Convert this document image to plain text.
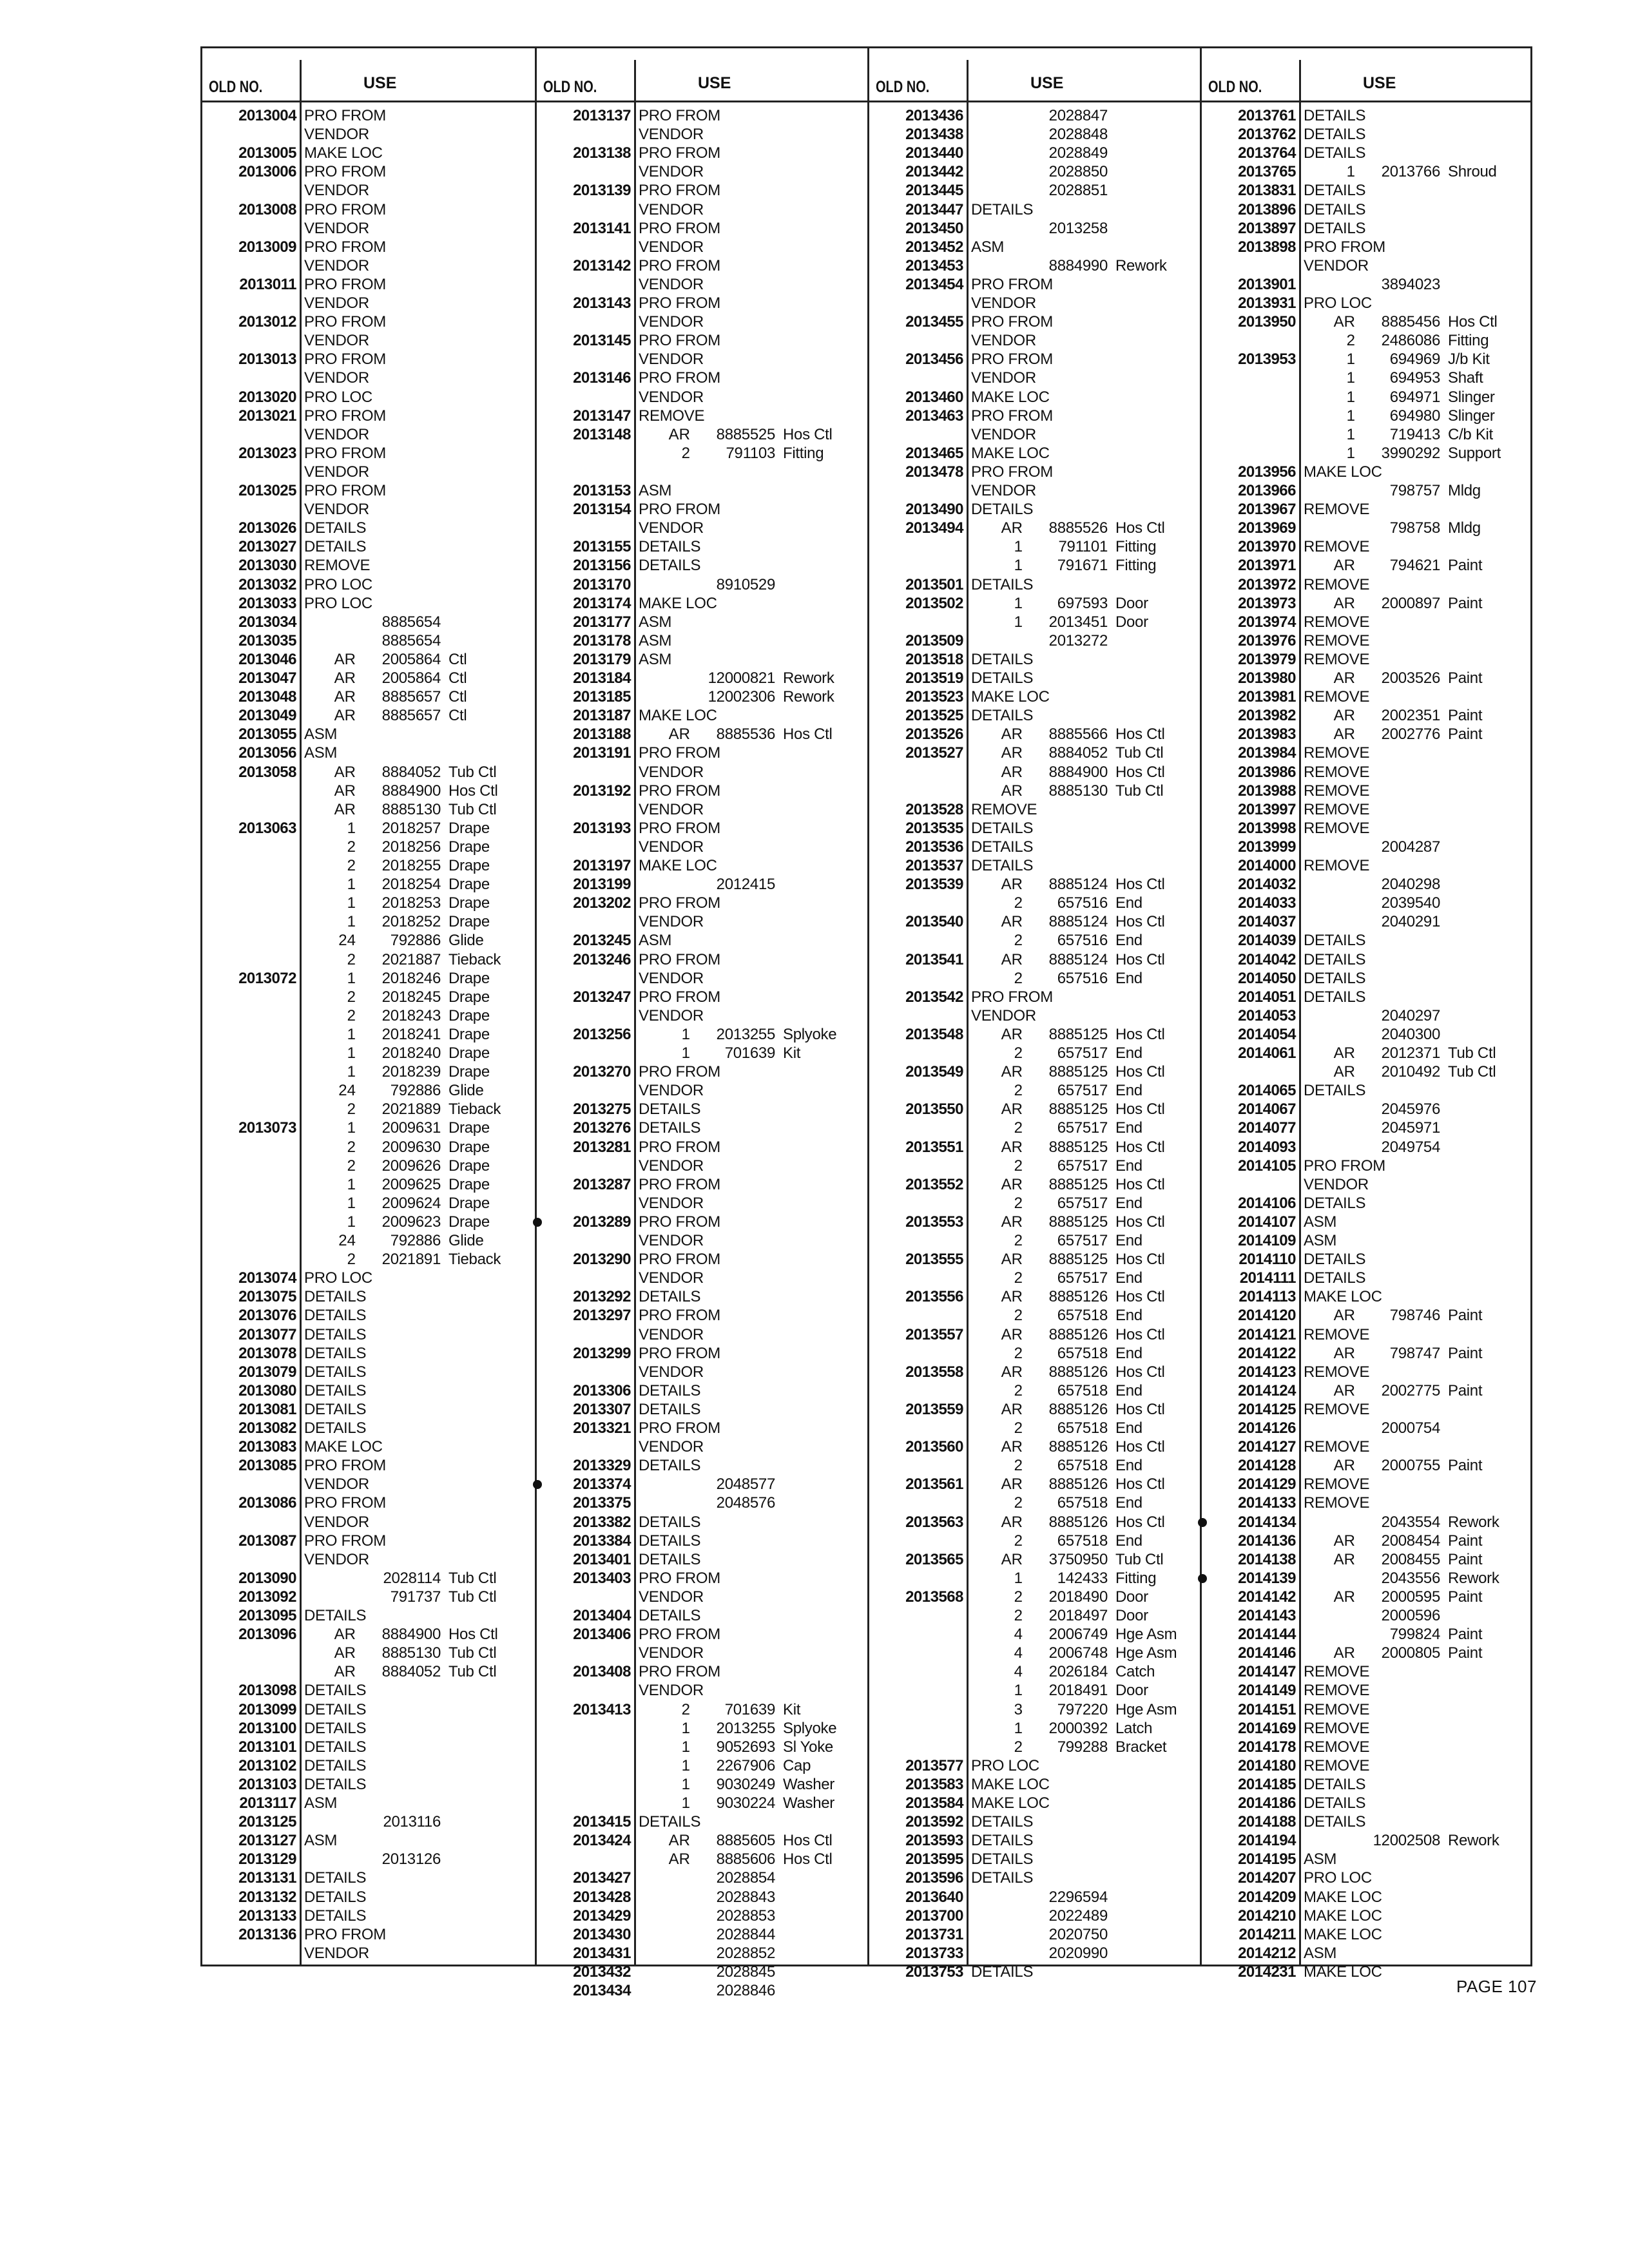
OLD NO.	USE
2013004 PRO FROM
VENDOR
2013005 MAKE LOC
2013006 PRO FROM
VENDOR
2013008 PRO FROM
VENDOR
2013009 PRO FROM
VENDOR
2013011 PRO FROM
VENDOR
2013012 PRO FROM
VENDOR
2013013 PRO FROM
VENDOR
2013020 PRO LOC
2013021 PRO FROM
VENDOR
2013023 PRO FROM
VENDOR
2013025 PRO FROM
VENDOR
2013026 DETAILS
2013027 DETAILS
2013030 REMOVE
2013032 PRO LOC
2013033 PRO LOC
2013034	8885654
2013035	8885654
2013046	AR	2005864 Ctl
2013047	AR	2005864 Ctl
2013048	AR	8885657 Ctl
2013049	AR	8885657 Ctl
2013055 ASM
2013056 ASM
2013058	AR	8884052 Tub Ctl
AR	8884900 Hos Ctl
AR	8885130 Tub Ctl
2013063	1	2018257 Drape
2	2018256 Drape
2	2018255 Drape
1	2018254 Drape
1	2018253 Drape
1	2018252 Drape
24	792886 Glide
2	2021887 Tieback
2013072	1	2018246 Drape
2	2018245 Drape
2	2018243 Drape
1	2018241 Drape
1	2018240 Drape
1	2018239 Drape
24	792886 Glide
2	2021889 Tieback
2013073	1	2009631 Drape
2	2009630 Drape
2	2009626 Drape
1	2009625 Drape
1	2009624 Drape
1	2009623 Drape
24	792886 Glide
2	2021891 Tieback
2013074 PRO LOC
2013075 DETAILS
2013076 DETAILS
2013077 DETAILS
2013078 DETAILS
2013079 DETAILS
2013080 DETAILS
2013081 DETAILS
2013082 DETAILS
2013083 MAKE LOC
2013085 PRO FROM
VENDOR
2013086 PRO FROM
VENDOR
2013087 PRO FROM
VENDOR
2013090	2028114 Tub Ctl
2013092	791737 Tub Ctl
2013095 DETAILS
2013096	AR	8884900 Hos Ctl
AR	8885130 Tub Ctl
AR	8884052 Tub Ctl
2013098 DETAILS
2013099 DETAILS
2013100 DETAILS
2013101 DETAILS
2013102 DETAILS
2013103 DETAILS
2013117 ASM
2013125	2013116
2013127 ASM
2013129	2013126
2013131 DETAILS
2013132 DETAILS
2013133 DETAILS
2013136 PRO FROM
VENDOR
OLD NO.	USE
2013137 PRO FROM
VENDOR
2013138 PRO FROM
VENDOR
2013139 PRO FROM
VENDOR
2013141 PRO FROM
VENDOR
2013142 PRO FROM
VENDOR
2013143 PRO FROM
VENDOR
2013145 PRO FROM
VENDOR
2013146 PRO FROM
VENDOR
2013147 REMOVE
2013148	AR	8885525 Hos Ctl
2	791103 Fitting
2013153 ASM
2013154 PRO FROM
VENDOR
2013155 DETAILS
2013156 DETAILS
2013170	8910529
2013174 MAKE LOC
2013177 ASM
2013178 ASM
2013179 ASM
2013184	12000821 Rework
2013185	12002306 Rework
2013187 MAKE LOC
2013188	AR	8885536 Hos Ctl
2013191 PRO FROM
VENDOR
2013192 PRO FROM
VENDOR
2013193 PRO FROM
VENDOR
2013197 MAKE LOC
2013199	2012415
2013202 PRO FROM
VENDOR
2013245 ASM
2013246 PRO FROM
VENDOR
2013247 PRO FROM
VENDOR
2013256	1	2013255 Splyoke
1	701639 Kit
2013270 PRO FROM
VENDOR
2013275 DETAILS
2013276 DETAILS
2013281 PRO FROM
VENDOR
2013287 PRO FROM
VENDOR
2013289 PRO FROM
VENDOR
2013290 PRO FROM
VENDOR
2013292 DETAILS
2013297 PRO FROM
VENDOR
2013299 PRO FROM
VENDOR
2013306 DETAILS
2013307 DETAILS
2013321 PRO FROM
VENDOR
2013329 DETAILS
2013374	2048577
2013375	2048576
2013382 DETAILS
2013384 DETAILS
2013401 DETAILS
2013403 PRO FROM
VENDOR
2013404 DETAILS
2013406 PRO FROM
VENDOR
2013408 PRO FROM
VENDOR
2013413	2	701639 Kit
1	2013255 Splyoke
1	9052693 Sl Yoke
1	2267906 Cap
1	9030249 Washer
1	9030224 Washer
2013415 DETAILS
2013424	AR	8885605 Hos Ctl
AR	8885606 Hos Ctl
2013427	2028854
2013428	2028843
2013429	2028853
2013430	2028844
2013431	2028852
2013432	2028845
2013434	2028846
OLD NO.	USE
2013436	2028847
2013438	2028848
2013440	2028849
2013442	2028850
2013445	2028851
2013447 DETAILS
2013450	2013258
2013452 ASM
2013453	8884990 Rework
2013454 PRO FROM
VENDOR
2013455 PRO FROM
VENDOR
2013456 PRO FROM
VENDOR
2013460 MAKE LOC
2013463 PRO FROM
VENDOR
2013465 MAKE LOC
2013478 PRO FROM
VENDOR
2013490 DETAILS
2013494	AR	8885526 Hos Ctl
1	791101 Fitting
1	791671 Fitting
2013501 DETAILS
2013502	1	697593 Door
1	2013451 Door
2013509	2013272
2013518 DETAILS
2013519 DETAILS
2013523 MAKE LOC
2013525 DETAILS
2013526	AR	8885566 Hos Ctl
2013527	AR	8884052 Tub Ctl
AR	8884900 Hos Ctl
AR	8885130 Tub Ctl
2013528 REMOVE
2013535 DETAILS
2013536 DETAILS
2013537 DETAILS
2013539	AR	8885124 Hos Ctl
2	657516 End
2013540	AR	8885124 Hos Ctl
2	657516 End
2013541	AR	8885124 Hos Ctl
2	657516 End
2013542 PRO FROM
VENDOR
2013548	AR	8885125 Hos Ctl
2	657517 End
2013549	AR	8885125 Hos Ctl
2	657517 End
2013550	AR	8885125 Hos Ctl
2	657517 End
2013551	AR	8885125 Hos Ctl
2	657517 End
2013552	AR	8885125 Hos Ctl
2	657517 End
2013553	AR	8885125 Hos Ctl
2	657517 End
2013555	AR	8885125 Hos Ctl
2	657517 End
2013556	AR	8885126 Hos Ctl
2	657518 End
2013557	AR	8885126 Hos Ctl
2	657518 End
2013558	AR	8885126 Hos Ctl
2	657518 End
2013559	AR	8885126 Hos Ctl
2	657518 End
2013560	AR	8885126 Hos Ctl
2	657518 End
2013561	AR	8885126 Hos Ctl
2	657518 End
2013563	AR	8885126 Hos Ctl
2	657518 End
2013565	AR	3750950 Tub Ctl
1	142433 Fitting
2013568	2	2018490 Door
2	2018497 Door
4	2006749 Hge Asm
4	2006748 Hge Asm
4	2026184 Catch
1	2018491 Door
3	797220 Hge Asm
1	2000392 Latch
2	799288 Bracket
2013577 PRO LOC
2013583 MAKE LOC
2013584 MAKE LOC
2013592 DETAILS
2013593 DETAILS
2013595 DETAILS
2013596 DETAILS
2013640	2296594
2013700	2022489
2013731	2020750
2013733	2020990
2013753 DETAILS
OLD NO.	USE
2013761 DETAILS
2013762 DETAILS
2013764 DETAILS
2013765	1	2013766 Shroud
2013831 DETAILS
2013896 DETAILS
2013897 DETAILS
2013898 PRO FROM
VENDOR
2013901	3894023
2013931 PRO LOC
2013950	AR	8885456 Hos Ctl
2	2486086 Fitting
2013953	1	694969 J/b Kit
1	694953 Shaft
1	694971 Slinger
1	694980 Slinger
1	719413 C/b Kit
1	3990292 Support
2013956 MAKE LOC
2013966	798757 Mldg
2013967 REMOVE
2013969	798758 Mldg
2013970 REMOVE
2013971	AR	794621 Paint
2013972 REMOVE
2013973	AR	2000897 Paint
2013974 REMOVE
2013976 REMOVE
2013979 REMOVE
2013980	AR	2003526 Paint
2013981 REMOVE
2013982	AR	2002351 Paint
2013983	AR	2002776 Paint
2013984 REMOVE
2013986 REMOVE
2013988 REMOVE
2013997 REMOVE
2013998 REMOVE
2013999	2004287
2014000 REMOVE
2014032	2040298
2014033	2039540
2014037	2040291
2014039 DETAILS
2014042 DETAILS
2014050 DETAILS
2014051 DETAILS
2014053	2040297
2014054	2040300
2014061	AR	2012371 Tub Ctl
AR	2010492 Tub Ctl
2014065 DETAILS
2014067	2045976
2014077	2045971
2014093	2049754
2014105 PRO FROM
VENDOR
2014106 DETAILS
2014107 ASM
2014109 ASM
2014110 DETAILS
2014111 DETAILS
2014113 MAKE LOC
2014120	AR	798746 Paint
2014121 REMOVE
2014122	AR	798747 Paint
2014123 REMOVE
2014124	AR	2002775 Paint
2014125 REMOVE
2014126	2000754
2014127 REMOVE
2014128	AR	2000755 Paint
2014129 REMOVE
2014133 REMOVE
2014134	2043554 Rework
2014136	AR	2008454 Paint
2014138	AR	2008455 Paint
2014139	2043556 Rework
2014142	AR	2000595 Paint
2014143	2000596
2014144	799824 Paint
2014146	AR	2000805 Paint
2014147 REMOVE
2014149 REMOVE
2014151 REMOVE
2014169 REMOVE
2014178 REMOVE
2014180 REMOVE
2014185 DETAILS
2014186 DETAILS
2014188 DETAILS
2014194	12002508 Rework
2014195 ASM
2014207 PRO LOC
2014209 MAKE LOC
2014210 MAKE LOC
2014211 MAKE LOC
2014212 ASM
2014231 MAKE LOC
PAGE 107
